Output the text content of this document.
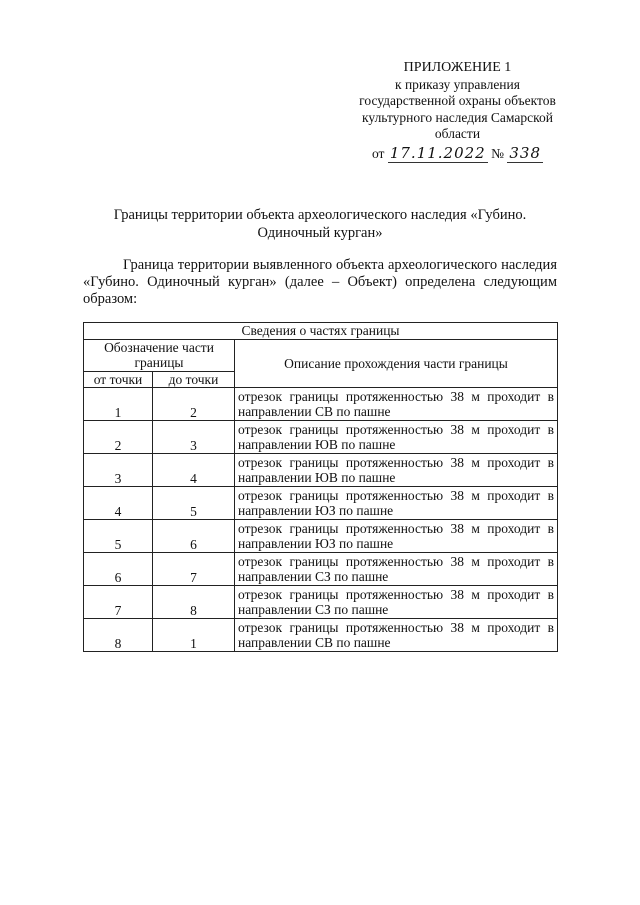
ПРИЛОЖЕНИЕ 1
к приказу управления
государственной охраны объектов
культурного наследия Самарской
области
от 17.11.2022 № 338
Границы территории объекта археологического наследия «Губино. Одиночный курган»
Граница территории выявленного объекта археологического наследия «Губино. Одиночный курган» (далее – Объект) определена следующим образом:
Сведения о частях границы		
Обозначение части границы		Описание прохождения части границы
от точки	до точки	
1	2	отрезок границы протяженностью 38 м проходит в направлении СВ по пашне
2	3	отрезок границы протяженностью 38 м проходит в направлении ЮВ по пашне
3	4	отрезок границы протяженностью 38 м проходит в направлении ЮВ по пашне
4	5	отрезок границы протяженностью 38 м проходит в направлении ЮЗ по пашне
5	6	отрезок границы протяженностью 38 м проходит в направлении ЮЗ по пашне
6	7	отрезок границы протяженностью 38 м проходит в направлении СЗ по пашне
7	8	отрезок границы протяженностью 38 м проходит в направлении СЗ по пашне
8	1	отрезок границы протяженностью 38 м проходит в направлении СВ по пашне
